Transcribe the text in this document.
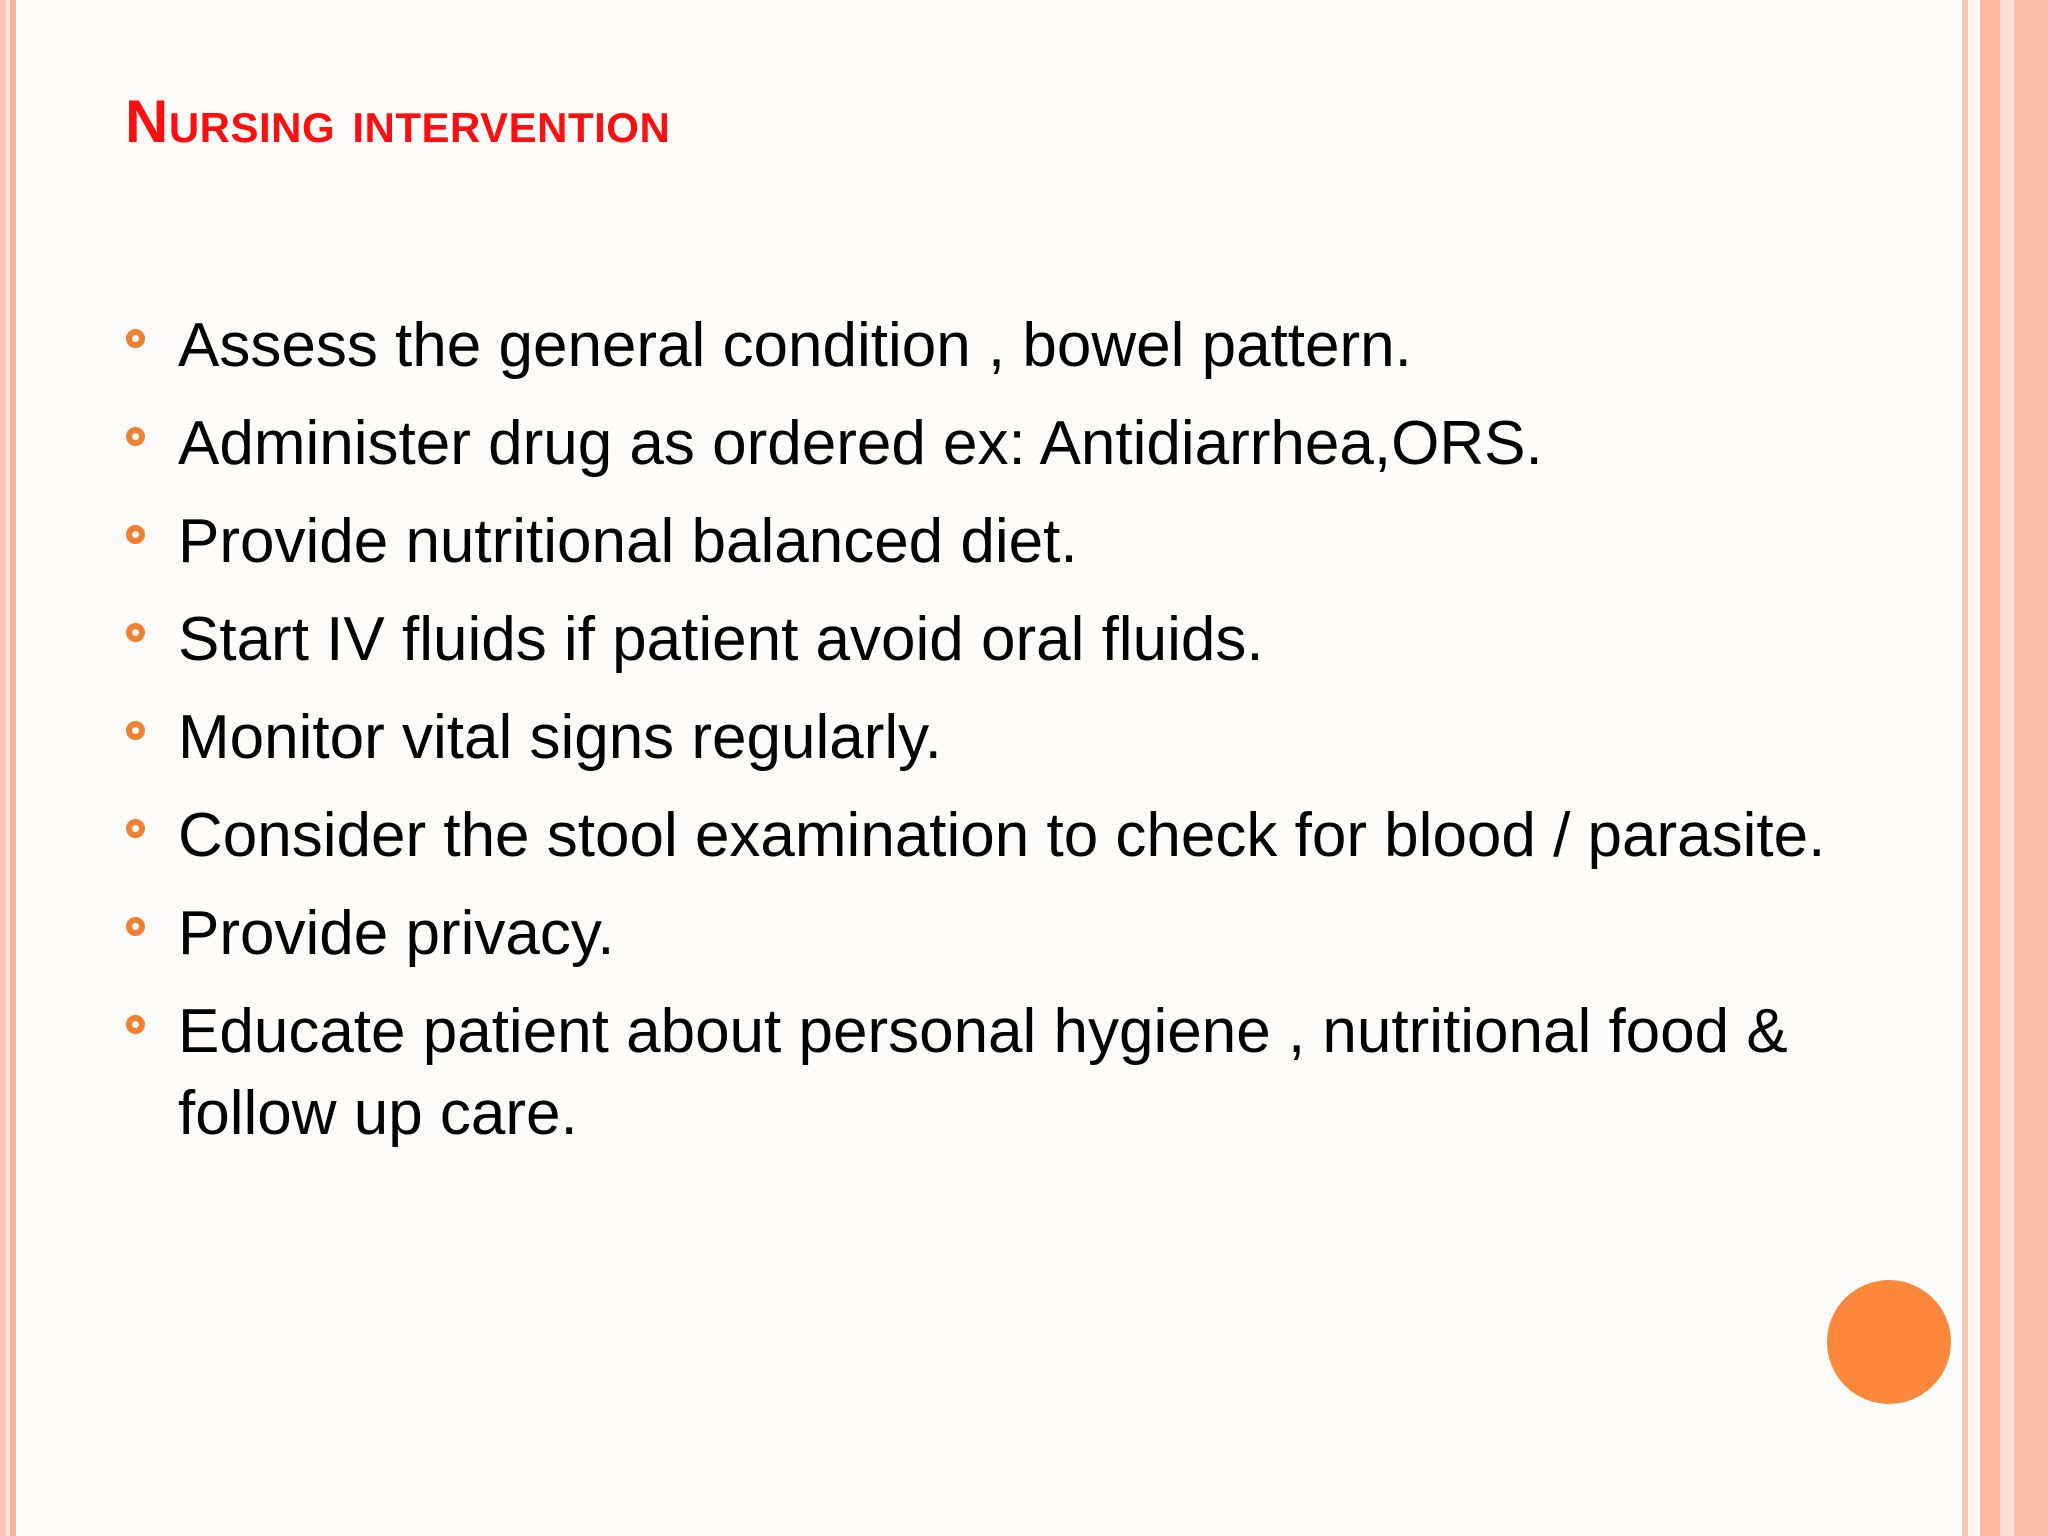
Nursing intervention
Assess the general condition , bowel pattern.
Administer drug as ordered ex: Antidiarrhea,ORS.
Provide nutritional balanced diet.
Start IV fluids if patient avoid oral fluids.
Monitor vital signs regularly.
Consider the stool examination to check for blood / parasite.
Provide privacy.
Educate patient about personal hygiene , nutritional food & follow up care.
